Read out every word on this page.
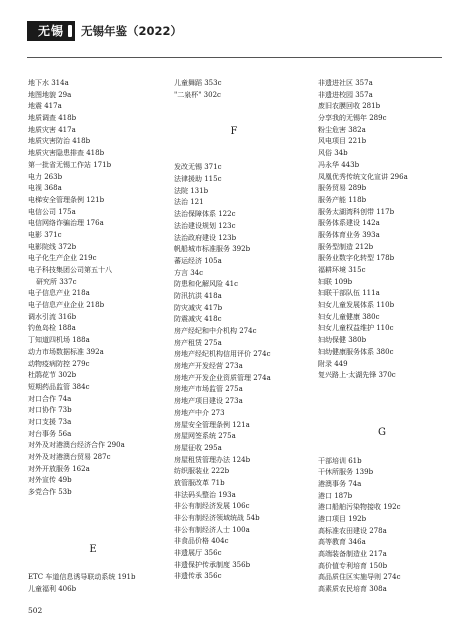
无锡	无锡年鉴（2022）
地下水 314a
地图地貌 29a
地震 417a
地质调查 418b
地质灾害 417a
地质灾害防治 418b
地质灾害隐患排查 418b
第一批省无锡工作站 171b
电力 263b
电视 368a
电梯安全管理条例 121b
电信公司 175a
电信网络诈骗治理 176a
电影 371c
电影院线 372b
电子化生产企业 219c
电子科技集团公司第五十八
研究所 337c
电子信息产业 218a
电子信息产业企业 218b
调水引流 316b
钓鱼岛检 188a
丁知道四机场 188a
动力市场数据标准 392a
动物疫病防控 279c
杜鹃花节 302b
短期药品监管 384c
对口合作 74a
对口协作 73b
对口支援 73a
对台事务 56a
对外及对港澳台经济合作 290a
对外及对港澳台贸易 287c
对外开放服务 162a
对外宣传 49b
多党合作 53b
E
ETC 车道信息诱导联动系统 191b
儿童福利 406b
儿童舞蹈 353c
"二泉杯" 302c
F
发改无锡 371c
法律援助 115c
法院 131b
法治 121
法治保障体系 122c
法治建设规划 123c
法治政府建设 123b
帆船城市标准服务 392b
蕃运经济 105a
方言 34c
防患和化解风险 41c
防汛抗洪 418a
防灾减灾 417b
防震减灾 418c
房产经纪和中介机构 274c
房产租赁 275a
房地产经纪机构信用评价 274c
房地产开发经营 273a
房地产开发企业资质管理 274a
房地产市场监管 275a
房地产项目建设 273a
房地产中介 273
房屋安全管理条例 121a
房屋网签系统 275a
房屋征收 295a
房屋租赁管理办法 124b
纺织服装业 222b
放管服改革 71b
非法码头整治 193a
非公有制经济发展 106c
非公有制经济领域统战 54b
非公有制经济人士 100a
非食品价格 404c
非遗展厅 356c
非遗保护传承制度 356b
非遗传承 356c
非遗进社区 357a
非遗进校园 357a
废旧农膜回收 281b
分享我的无锡年 289c
粉尘危害 382a
风电项目 221b
风俗 34b
冯永华 443b
凤凰优秀传统文化宣讲 296a
服务贸易 289b
服务产能 118b
服务太湖湾科创带 117b
服务体系建设 142a
服务体育业务 393a
服务型制造 212b
服务业数字化转型 178b
福耕环境 315c
妇联 109b
妇联干部队伍 111a
妇女儿童发展体系 110b
妇女儿童健康 380c
妇女儿童权益维护 110c
妇幼保健 380b
妇幼健康服务体系 380c
附录 449
复兴路上·太湖先锋 370c
G
干部培训 61b
干休所服务 139b
港澳事务 74a
港口 187b
港口船舶污染物接收 192c
港口项目 192b
高标准农田建设 278a
高等教育 346a
高端装备制造业 217a
高价值专利培育 150b
高品质住区实施导则 274c
高素质农民培育 308a
502
